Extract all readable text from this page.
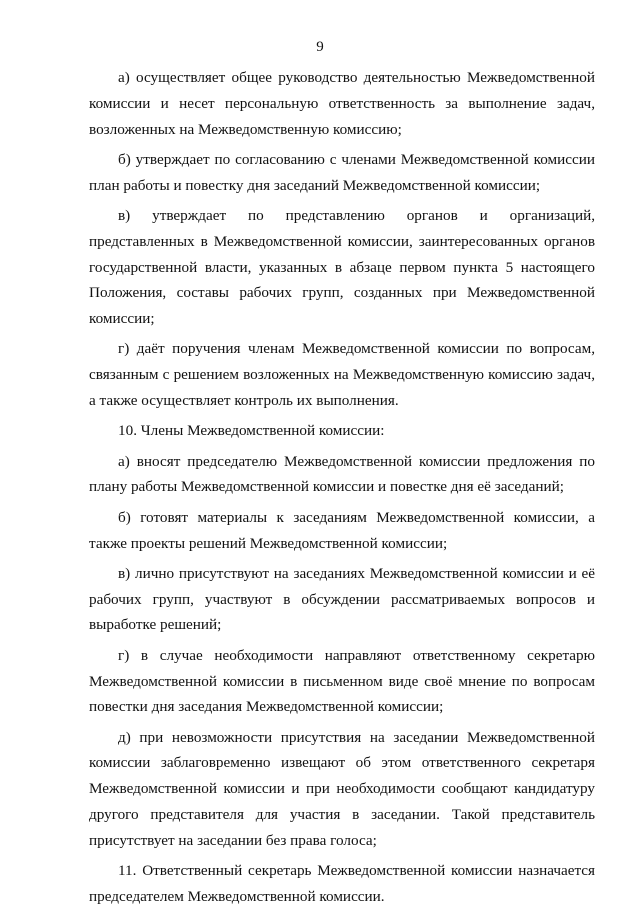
9

а) осуществляет общее руководство деятельностью Межведомственной комиссии и несет персональную ответственность за выполнение задач, возложенных на Межведомственную комиссию;

б) утверждает по согласованию с членами Межведомственной комиссии план работы и повестку дня заседаний Межведомственной комиссии;

в) утверждает по представлению органов и организаций, представленных в Межведомственной комиссии, заинтересованных органов государственной власти, указанных в абзаце первом пункта 5 настоящего Положения, составы рабочих групп, созданных при Межведомственной комиссии;

г) даёт поручения членам Межведомственной комиссии по вопросам, связанным с решением возложенных на Межведомственную комиссию задач, а также осуществляет контроль их выполнения.

10. Члены Межведомственной комиссии:

а) вносят председателю Межведомственной комиссии предложения по плану работы Межведомственной комиссии и повестке дня её заседаний;

б) готовят материалы к заседаниям Межведомственной комиссии, а также проекты решений Межведомственной комиссии;

в) лично присутствуют на заседаниях Межведомственной комиссии и её рабочих групп, участвуют в обсуждении рассматриваемых вопросов и выработке решений;

г) в случае необходимости направляют ответственному секретарю Межведомственной комиссии в письменном виде своё мнение по вопросам повестки дня заседания Межведомственной комиссии;

д) при невозможности присутствия на заседании Межведомственной комиссии заблаговременно извещают об этом ответственного секретаря Межведомственной комиссии и при необходимости сообщают кандидатуру другого представителя для участия в заседании. Такой представитель присутствует на заседании без права голоса;

11. Ответственный секретарь Межведомственной комиссии назначается председателем Межведомственной комиссии.
